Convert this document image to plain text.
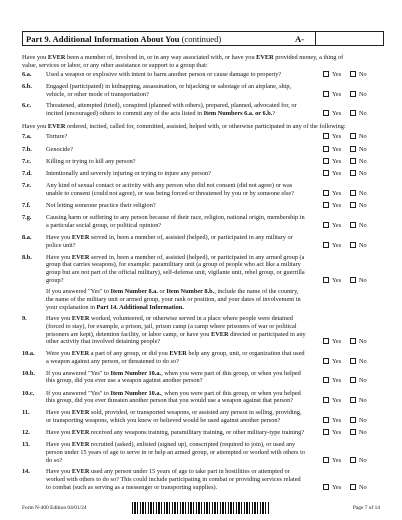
Part 9. Additional Information About You (continued)	A-
Have you EVER been a member of, involved in, or in any way associated with, or have you EVER provided money, a thing of
value, services or labor, or any other assistance or support to a group that:
6.a. Used a weapon or explosive with intent to harm another person or cause damage to property?	Yes	No
6.b. Engaged (participated) in kidnapping, assassination, or hijacking or sabotage of an airplane, ship,
vehicle, or other mode of transportation?	Yes	No
6.c. Threatened, attempted (tried), conspired (planned with others), prepared, planned, advocated for, or
incited (encouraged) others to commit any of the acts listed in Item Numbers 6.a. or 6.b.?	Yes	No
Have you EVER ordered, incited, called for, committed, assisted, helped with, or otherwise participated in any of the following:
7.a. Torture?	Yes	No
7.b. Genocide?	Yes	No
7.c. Killing or trying to kill any person?	Yes	No
7.d. Intentionally and severely injuring or trying to injure any person?	Yes	No
7.e. Any kind of sexual contact or activity with any person who did not consent (did not agree) or was
unable to consent (could not agree), or was being forced or threatened by you or by someone else?	Yes	No
7.f. Not letting someone practice their religion?	Yes	No
7.g. Causing harm or suffering to any person because of their race, religion, national origin, membership in
a particular social group, or political opinion?	Yes	No
8.a. Have you EVER served in, been a member of, assisted (helped), or participated in any military or
police unit?	Yes	No
8.b. Have you EVER served in, been a member of, assisted (helped), or participated in any armed group (a
group that carries weapons), for example: paramilitary unit (a group of people who act like a military
group but are not part of the official military), self-defense unit, vigilante unit, rebel group, or guerrilla
group?	Yes	No
If you answered "Yes" to Item Number 8.a. or Item Number 8.b., include the name of the country,
the name of the military unit or armed group, your rank or position, and your dates of involvement in
your explanation in Part 14. Additional Information.
9.	Have you EVER worked, volunteered, or otherwise served in a place where people were detained
(forced to stay), for example, a prison, jail, prison camp (a camp where prisoners of war or political
prisoners are kept), detention facility, or labor camp, or have you EVER directed or participated in any
other activity that involved detaining people?	Yes	No
10.a. Were you EVER a part of any group, or did you EVER help any group, unit, or organization that used
a weapon against any person, or threatened to do so?	Yes	No
10.b. If you answered "Yes" to Item Number 10.a., when you were part of this group, or when you helped
this group, did you ever use a weapon against another person?	Yes	No
10.c. If you answered "Yes" to Item Number 10.a., when you were part of this group, or when you helped
this group, did you ever threaten another person that you would use a weapon against that person?	Yes	No
11.	Have you EVER sold, provided, or transported weapons, or assisted any person in selling, providing,
or transporting weapons, which you knew or believed would be used against another person?	Yes	No
12.	Have you EVER received any weapons training, paramilitary training, or other military-type training?	Yes	No
13.	Have you EVER recruited (asked), enlisted (signed up), conscripted (required to join), or used any
person under 15 years of age to serve in or help an armed group, or attempted or worked with others to
do so?	Yes	No
14.	Have you EVER used any person under 15 years of age to take part in hostilities or attempted or
worked with others to do so? This could include participating in combat or providing services related
to combat (such as serving as a messenger or transporting supplies).	Yes	No
Form N-400 Edition 04/01/24	Page 7 of 14
